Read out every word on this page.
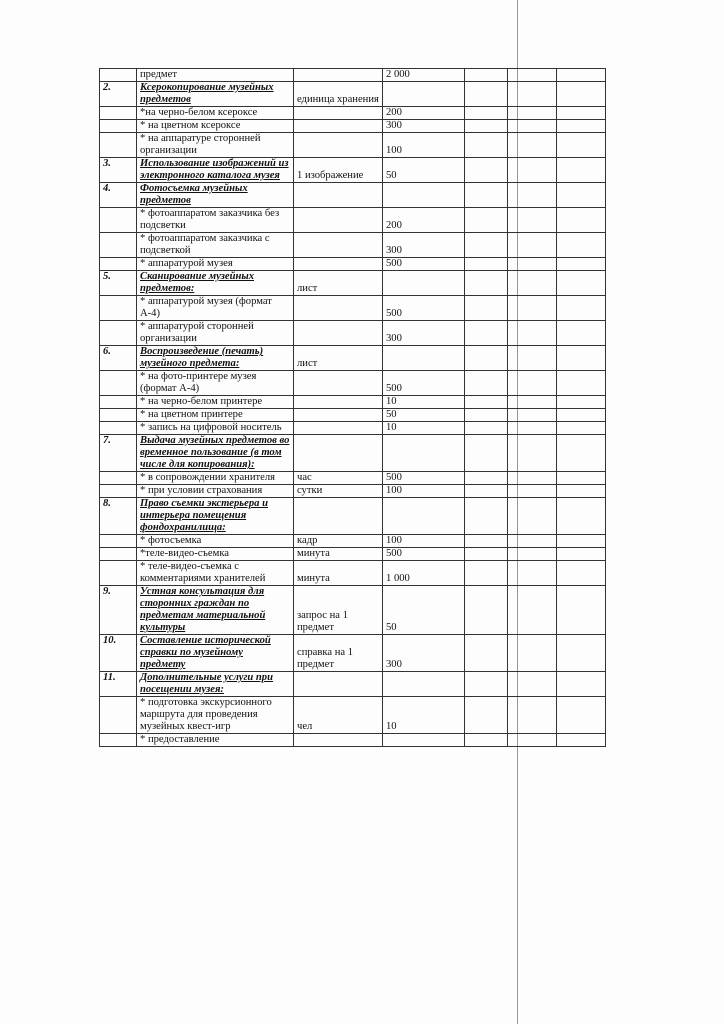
	предмет		2 000			
2.	Ксерокопирование музейных предметов	единица хранения				
	*на черно-белом ксероксе		200			
	* на цветном ксероксе		300			
	* на аппаратуре сторонней организации		100			
3.	Использование изображений из электронного каталога музея	1 изображение	50			
4.	Фотосъемка музейных предметов					
	* фотоаппаратом заказчика без подсветки		200			
	* фотоаппаратом заказчика с подсветкой		300			
	* аппаратурой музея		500			
5.	Сканирование музейных предметов:	лист				
	* аппаратурой музея (формат А-4)		500			
	* аппаратурой сторонней организации		300			
6.	Воспроизведение (печать) музейного предмета:	лист				
	* на фото-принтере музея (формат А-4)		500			
	* на черно-белом принтере		10			
	* на цветном принтере		50			
	* запись на цифровой носитель		10			
7.	Выдача музейных предметов во временное пользование (в том числе для копирования):					
	* в сопровождении хранителя	час	500			
	* при условии страхования	сутки	100			
8.	Право съемки экстерьера и интерьера помещения фондохранилища:					
	* фотосъемка	кадр	100			
	*теле-видео-съемка	минута	500			
	* теле-видео-съемка с комментариями хранителей	минута	1 000			
9.	Устная консультация для сторонних граждан по предметам материальной культуры	запрос на 1 предмет	50			
10.	Составление исторической справки по музейному предмету	справка на 1 предмет	300			
11.	Дополнительные услуги при посещении музея:					
	* подготовка экскурсионного маршрута для проведения музейных квест-игр	чел	10			
	* предоставление					
